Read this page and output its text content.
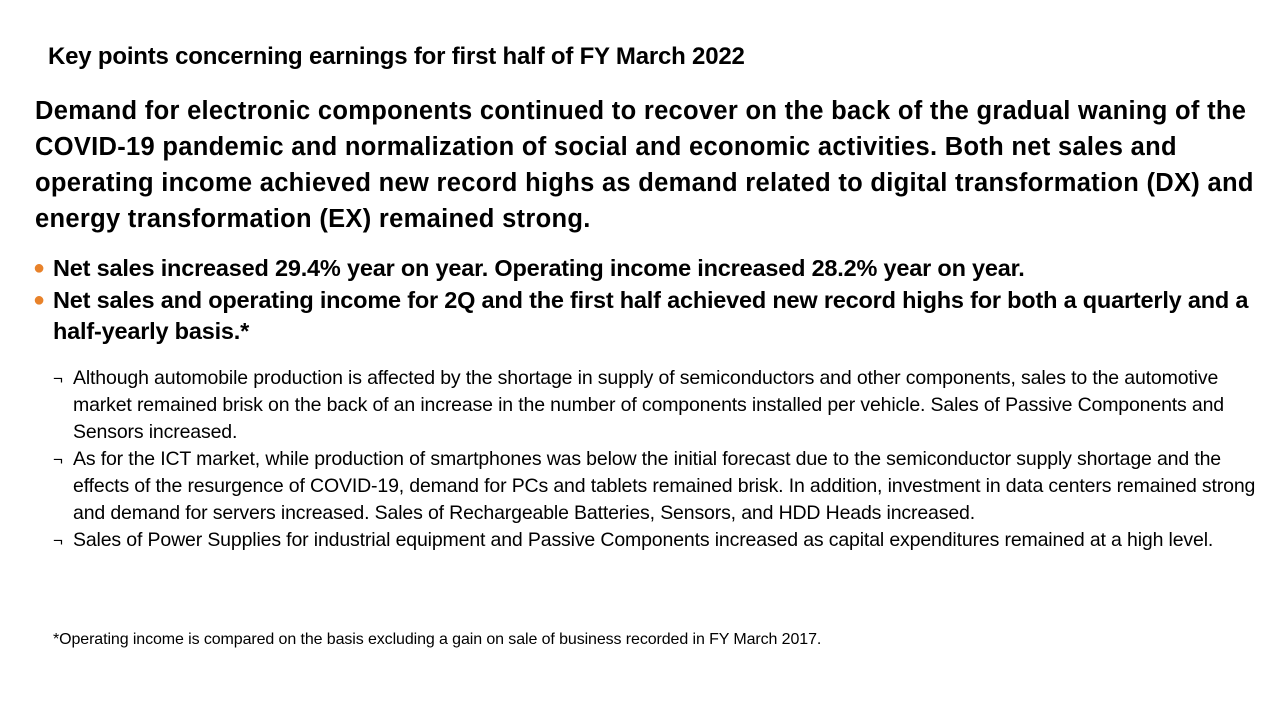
Key points concerning earnings for first half of FY March 2022

Demand for electronic components continued to recover on the back of the gradual waning of the COVID-19 pandemic and normalization of social and economic activities. Both net sales and operating income achieved new record highs as demand related to digital transformation (DX) and energy transformation (EX) remained strong.

● Net sales increased 29.4% year on year. Operating income increased 28.2% year on year.
● Net sales and operating income for 2Q and the first half achieved new record highs for both a quarterly and a half-yearly basis.*
¬ Although automobile production is affected by the shortage in supply of semiconductors and other components, sales to the automotive market remained brisk on the back of an increase in the number of components installed per vehicle. Sales of Passive Components and Sensors increased.
¬ As for the ICT market, while production of smartphones was below the initial forecast due to the semiconductor supply shortage and the effects of the resurgence of COVID-19, demand for PCs and tablets remained brisk. In addition, investment in data centers remained strong and demand for servers increased. Sales of Rechargeable Batteries, Sensors, and HDD Heads increased.
¬ Sales of Power Supplies for industrial equipment and Passive Components increased as capital expenditures remained at a high level.
*Operating income is compared on the basis excluding a gain on sale of business recorded in FY March 2017.
